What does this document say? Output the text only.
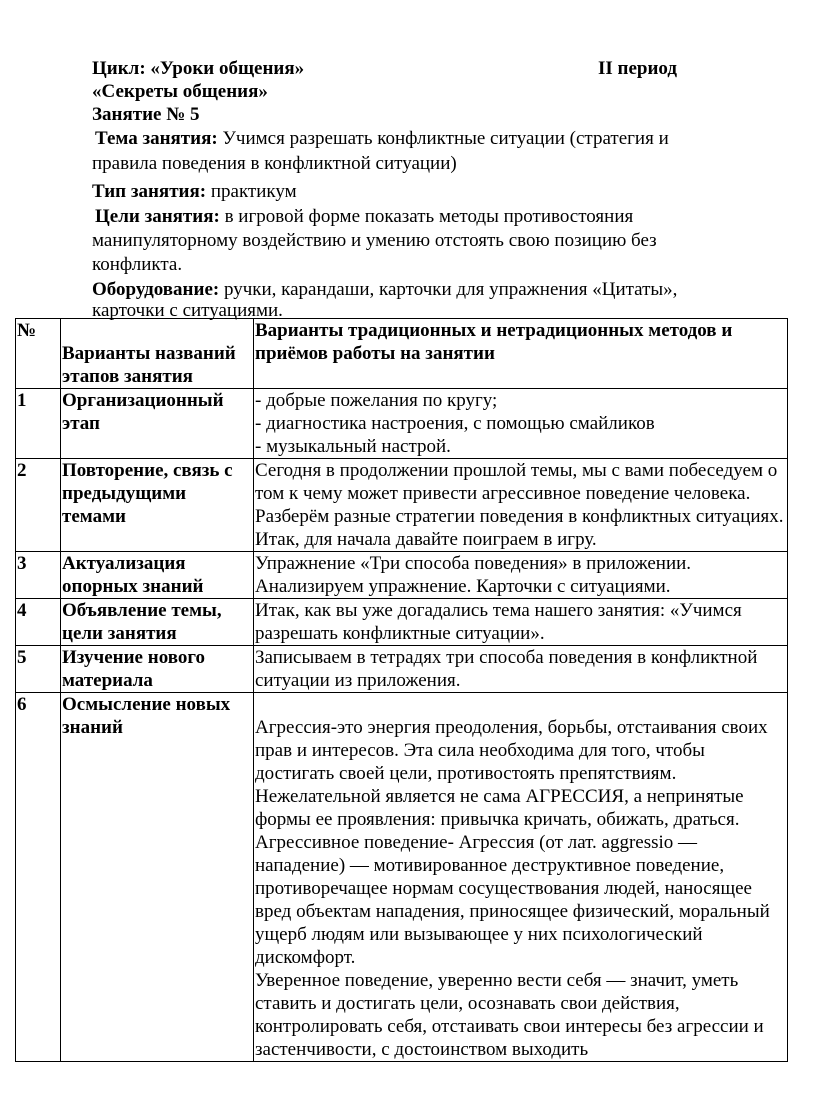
Цикл: «Уроки общения»	II период
«Секреты общения»
Занятие № 5
Тема занятия: Учимся разрешать конфликтные ситуации (стратегия и
правила поведения в конфликтной ситуации)
Тип занятия: практикум
Цели занятия: в игровой форме показать методы противостояния
манипуляторному воздействию и умению отстоять свою позицию без
конфликта.
Оборудование: ручки, карандаши, карточки для упражнения «Цитаты»,
карточки с ситуациями.
№	Варианты названий этапов занятия	Варианты традиционных и нетрадиционных методов и приёмов работы на занятии
1	Организационный этап	- добрые пожелания по кругу;
- диагностика настроения, с помощью смайликов
- музыкальный настрой.

2	Повторение, связь с предыдущими темами	Сегодня в продолжении прошлой темы, мы с вами побеседуем о том к чему может привести агрессивное поведение человека. Разберём разные стратегии поведения в конфликтных ситуациях.
Итак, для начала давайте поиграем в игру.

3	Актуализация опорных знаний	Упражнение «Три способа поведения» в приложении. Анализируем упражнение. Карточки с ситуациями.

4	Объявление темы, цели занятия	Итак, как вы уже догадались тема нашего занятия: «Учимся разрешать конфликтные ситуации».

5	Изучение нового материала	Записываем в тетрадях три способа поведения в конфликтной ситуации из приложения.

6	Осмысление новых знаний	Агрессия-это энергия преодоления, борьбы, отстаивания своих прав и интересов. Эта сила необходима для того, чтобы достигать своей цели, противостоять препятствиям. Нежелательной является не сама АГРЕССИЯ, а непринятые формы ее проявления: привычка кричать, обижать, драться.
Агрессивное поведение- Агрессия (от лат. aggressio — нападение) — мотивированное деструктивное поведение, противоречащее нормам сосуществования людей, наносящее вред объектам нападения, приносящее физический, моральный ущерб людям или вызывающее у них психологический дискомфорт.
Уверенное поведение, уверенно вести себя — значит, уметь ставить и достигать цели, осознавать свои действия, контролировать себя, отстаивать свои интересы без агрессии и застенчивости, с достоинством выходить
